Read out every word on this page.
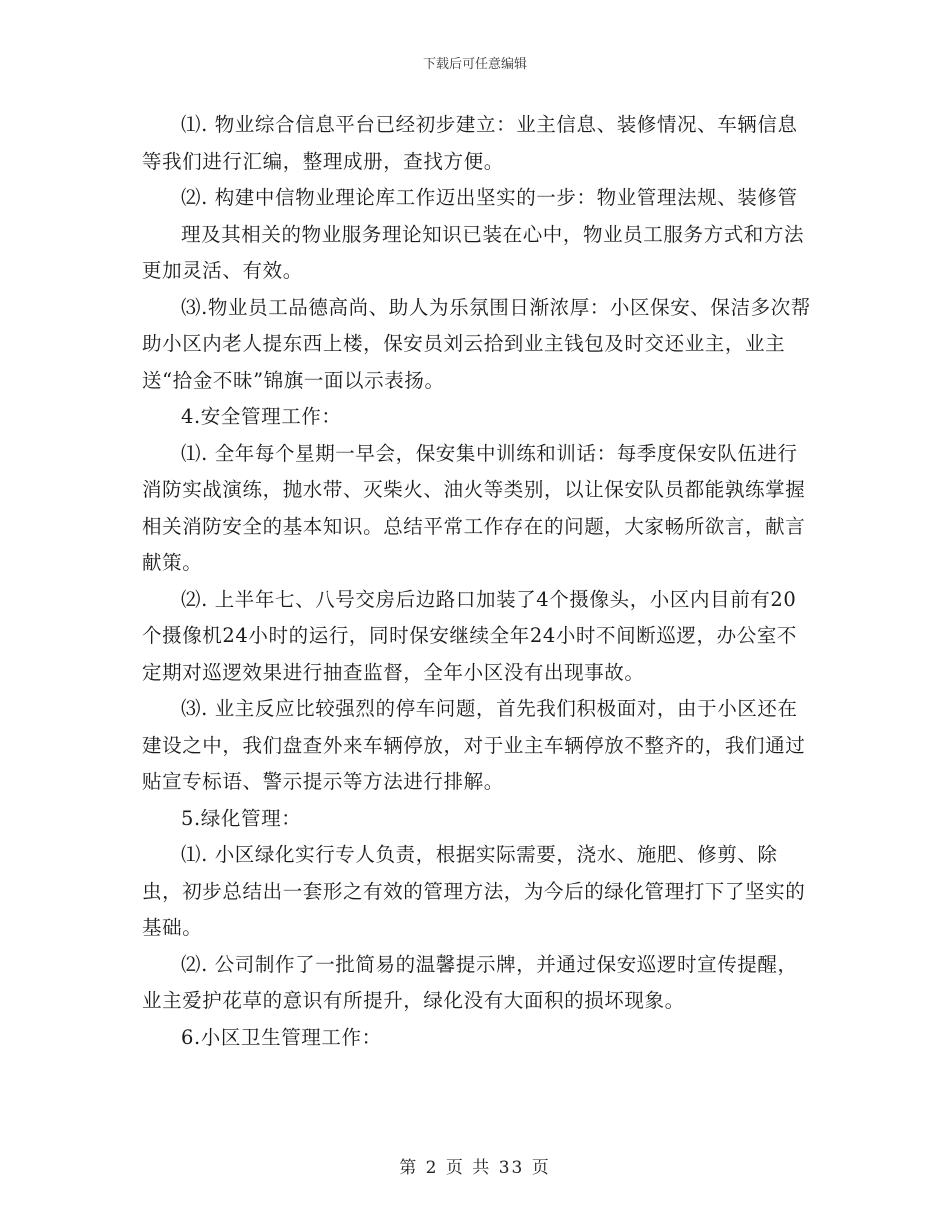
下载后可任意编辑

⑴. 物业综合信息平台已经初步建立：业主信息、装修情况、车辆信息等我们进行汇编，整理成册，查找方便。

⑵. 构建中信物业理论库工作迈出坚实的一步：物业管理法规、装修管

理及其相关的物业服务理论知识已装在心中，物业员工服务方式和方法更加灵活、有效。

⑶.物业员工品德高尚、助人为乐氛围日渐浓厚：小区保安、保洁多次帮助小区内老人提东西上楼，保安员刘云拾到业主钱包及时交还业主，业主送“拾金不昧”锦旗一面以示表扬。

4.安全管理工作：

⑴. 全年每个星期一早会，保安集中训练和训话：每季度保安队伍进行消防实战演练，抛水带、灭柴火、油火等类别，以让保安队员都能孰练掌握相关消防安全的基本知识。总结平常工作存在的问题，大家畅所欲言，献言献策。

⑵. 上半年七、八号交房后边路口加装了4个摄像头，小区内目前有20个摄像机24小时的运行，同时保安继续全年24小时不间断巡逻，办公室不定期对巡逻效果进行抽查监督，全年小区没有出现事故。

⑶. 业主反应比较强烈的停车问题，首先我们积极面对，由于小区还在建设之中，我们盘查外来车辆停放，对于业主车辆停放不整齐的，我们通过贴宣专标语、警示提示等方法进行排解。

5.绿化管理：

⑴. 小区绿化实行专人负责，根据实际需要，浇水、施肥、修剪、除虫，初步总结出一套形之有效的管理方法，为今后的绿化管理打下了坚实的基础。

⑵. 公司制作了一批简易的温馨提示牌，并通过保安巡逻时宣传提醒，业主爱护花草的意识有所提升，绿化没有大面积的损坏现象。

6.小区卫生管理工作：

第 2 页 共 33 页
